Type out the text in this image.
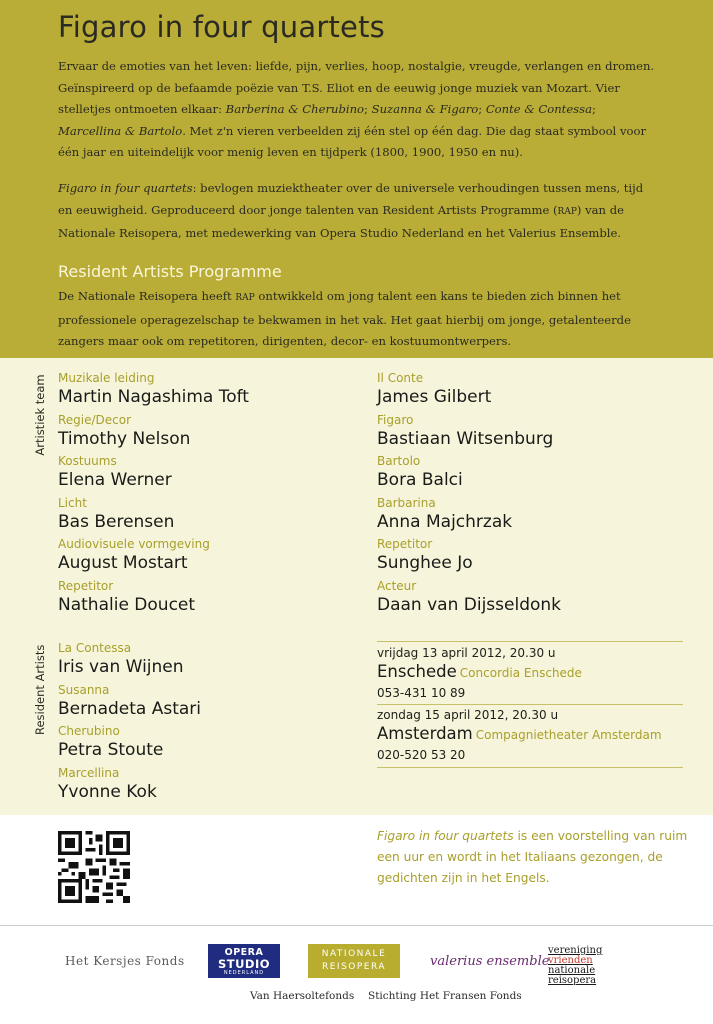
Figaro in four quartets

Ervaar de emoties van het leven: liefde, pijn, verlies, hoop, nostalgie, vreugde, verlangen en dromen. Geïnspireerd op de befaamde poëzie van T.S. Eliot en de eeuwig jonge muziek van Mozart. Vier stelletjes ontmoeten elkaar: Barberina & Cherubino; Suzanna & Figaro; Conte & Contessa; Marcellina & Bartolo. Met z'n vieren verbeelden zij één stel op één dag. Die dag staat symbool voor één jaar en uiteindelijk voor menig leven en tijdperk (1800, 1900, 1950 en nu).

Figaro in four quartets: bevlogen muziektheater over de universele verhoudingen tussen mens, tijd en eeuwigheid. Geproduceerd door jonge talenten van Resident Artists Programme (RAP) van de Nationale Reisopera, met medewerking van Opera Studio Nederland en het Valerius Ensemble.

Resident Artists Programme

De Nationale Reisopera heeft RAP ontwikkeld om jong talent een kans te bieden zich binnen het professionele operagezelschap te bekwamen in het vak. Het gaat hierbij om jonge, getalenteerde zangers maar ook om repetitoren, dirigenten, decor- en kostuumontwerpers.

Artistiek team
Resident Artists
Muzikale leiding
Martin Nagashima Toft
Regie/Decor
Timothy Nelson
Kostuums
Elena Werner
Licht
Bas Berensen
Audiovisuele vormgeving
August Mostart
Repetitor
Nathalie Doucet
Il Conte
James Gilbert
Figaro
Bastiaan Witsenburg
Bartolo
Bora Balci
Barbarina
Anna Majchrzak
Repetitor
Sunghee Jo
Acteur
Daan van Dijsseldonk
La Contessa
Iris van Wijnen
Susanna
Bernadeta Astari
Cherubino
Petra Stoute
Marcellina
Yvonne Kok
vrijdag 13 april 2012, 20.30 u
Enschede Concordia Enschede
053-431 10 89
zondag 15 april 2012, 20.30 u
Amsterdam Compagnietheater Amsterdam
020-520 53 20

Figaro in four quartets is een voorstelling van ruim een uur en wordt in het Italiaans gezongen, de gedichten zijn in het Engels.

Het Kersjes Fonds
OPERA
STUDIO
NEDERLAND
NATIONALE
REISOPERA	valerius ensemble
vereniging
vrienden
nationale
reisopera
Van Haersoltefonds Stichting Het Fransen Fonds
